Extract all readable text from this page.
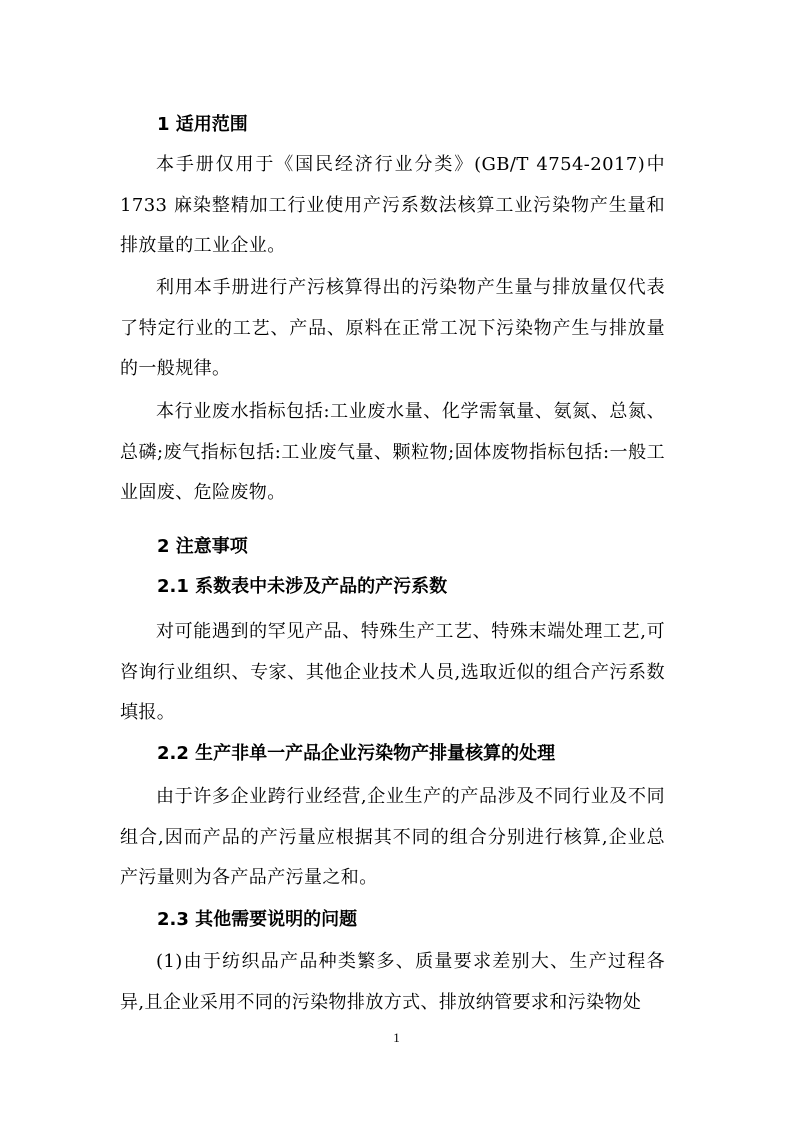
1 适用范围
本手册仅用于《国民经济行业分类》(GB/T 4754-2017)中 1733 麻染整精加工行业使用产污系数法核算工业污染物产生量和排放量的工业企业。
利用本手册进行产污核算得出的污染物产生量与排放量仅代表了特定行业的工艺、产品、原料在正常工况下污染物产生与排放量的一般规律。
本行业废水指标包括:工业废水量、化学需氧量、氨氮、总氮、总磷;废气指标包括:工业废气量、颗粒物;固体废物指标包括:一般工业固废、危险废物。
2 注意事项
2.1 系数表中未涉及产品的产污系数
对可能遇到的罕见产品、特殊生产工艺、特殊末端处理工艺,可咨询行业组织、专家、其他企业技术人员,选取近似的组合产污系数填报。
2.2 生产非单一产品企业污染物产排量核算的处理
由于许多企业跨行业经营,企业生产的产品涉及不同行业及不同组合,因而产品的产污量应根据其不同的组合分别进行核算,企业总产污量则为各产品产污量之和。
2.3 其他需要说明的问题
(1)由于纺织品产品种类繁多、质量要求差别大、生产过程各异,且企业采用不同的污染物排放方式、排放纳管要求和污染物处
1
